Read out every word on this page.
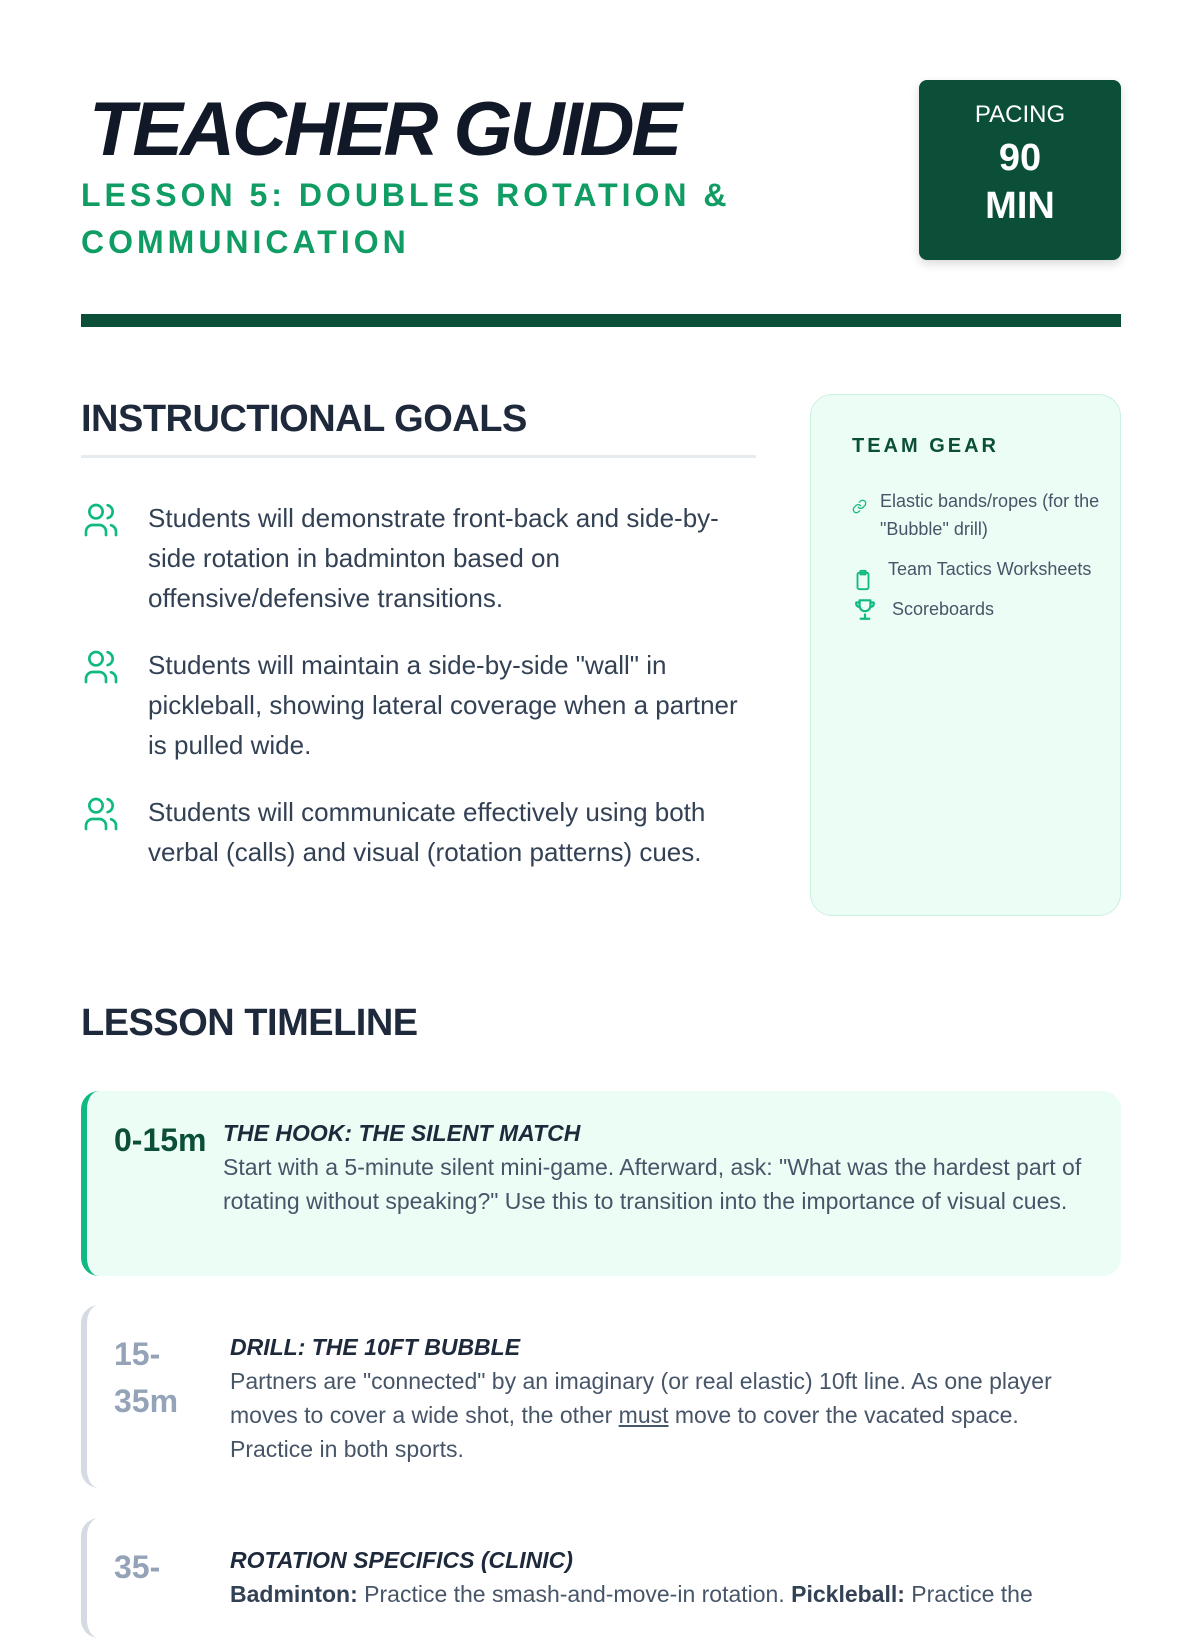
TEACHER GUIDE
LESSON 5: DOUBLES ROTATION & COMMUNICATION
PACING
90
MIN
INSTRUCTIONAL GOALS
Students will demonstrate front-back and side-by-side rotation in badminton based on offensive/defensive transitions.
Students will maintain a side-by-side "wall" in pickleball, showing lateral coverage when a partner is pulled wide.
Students will communicate effectively using both verbal (calls) and visual (rotation patterns) cues.
TEAM GEAR
Elastic bands/ropes (for the "Bubble" drill)
Team Tactics Worksheets
Scoreboards
LESSON TIMELINE
0-15m THE HOOK: THE SILENT MATCH

Start with a 5-minute silent mini-game. Afterward, ask: "What was the hardest part of rotating without speaking?" Use this to transition into the importance of visual cues.

15-35m
DRILL: THE 10FT BUBBLE

Partners are "connected" by an imaginary (or real elastic) 10ft line. As one player moves to cover a wide shot, the other must move to cover the vacated space. Practice in both sports.

35-	ROTATION SPECIFICS (CLINIC)

Badminton: Practice the smash-and-move-in rotation. Pickleball: Practice the
